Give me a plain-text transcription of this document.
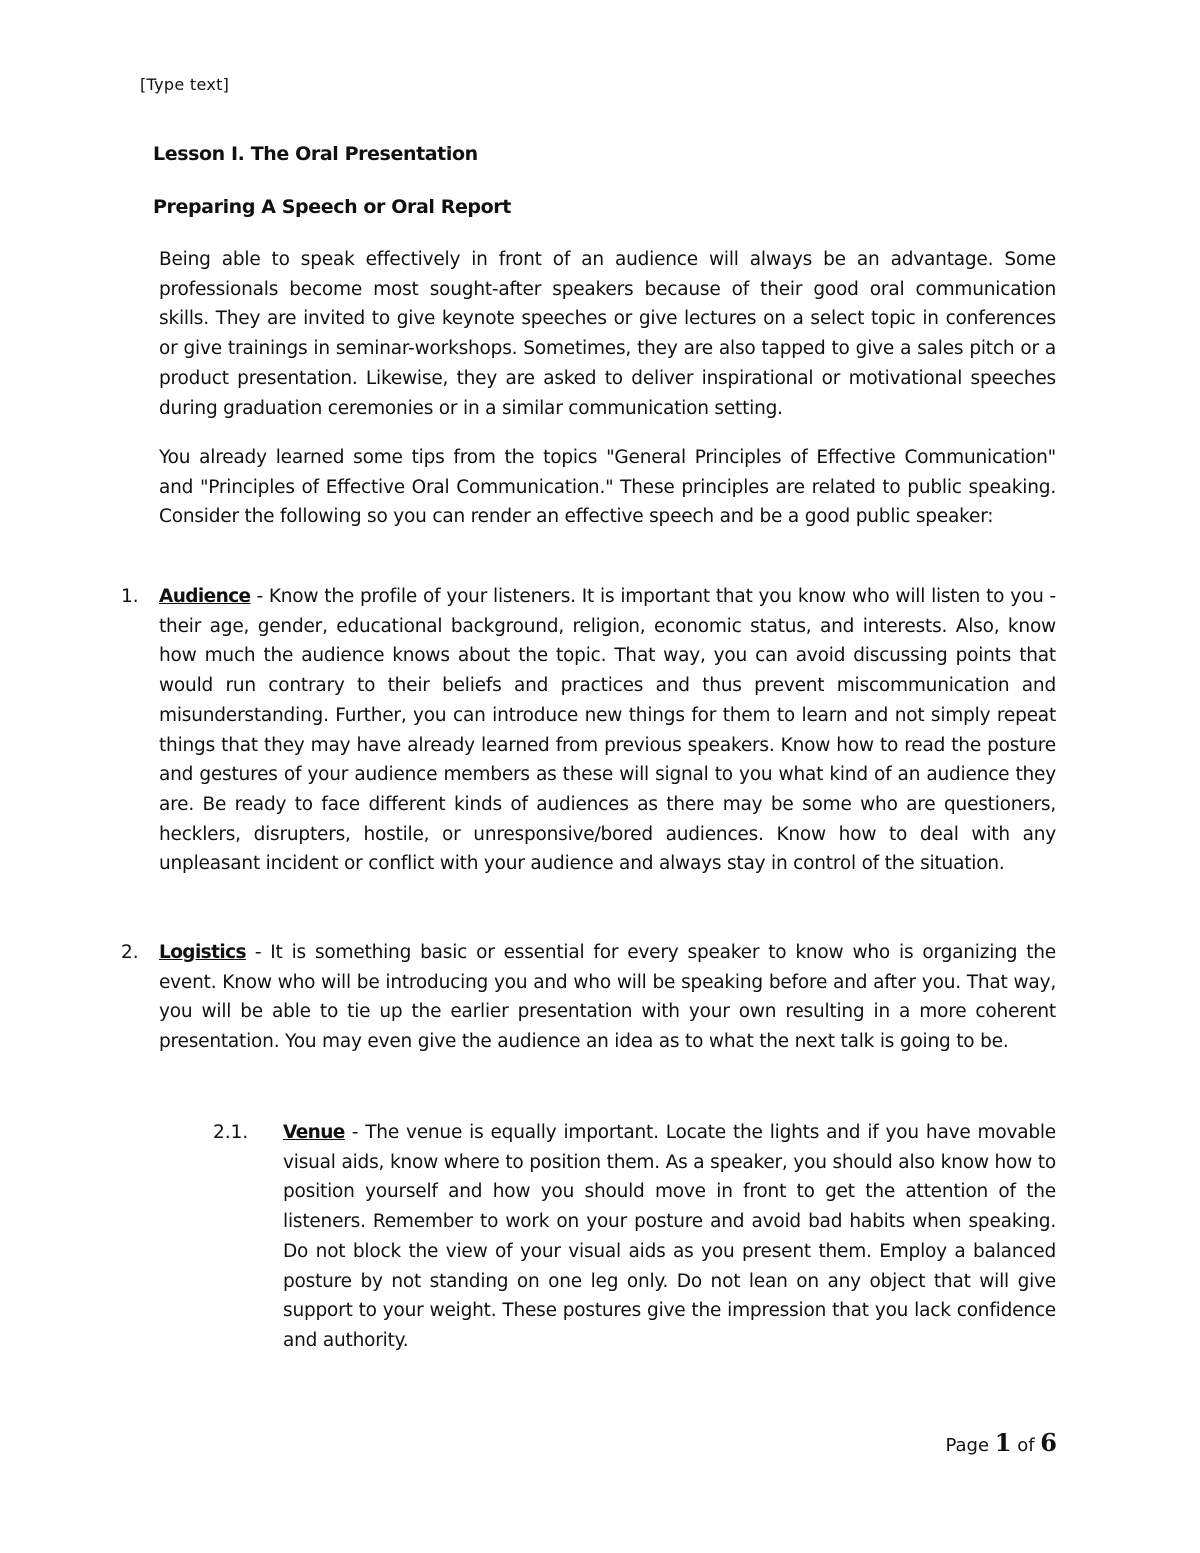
[Type text]
Lesson I. The Oral Presentation
Preparing A Speech or Oral Report

Being able to speak effectively in front of an audience will always be an advantage. Some professionals become most sought-after speakers because of their good oral communication skills. They are invited to give keynote speeches or give lectures on a select topic in conferences or give trainings in seminar-workshops. Sometimes, they are also tapped to give a sales pitch or a product presentation. Likewise, they are asked to deliver inspirational or motivational speeches during graduation ceremonies or in a similar communication setting.

You already learned some tips from the topics "General Principles of Effective Communication" and "Principles of Effective Oral Communication." These principles are related to public speaking. Consider the following so you can render an effective speech and be a good public speaker:

1. Audience - Know the profile of your listeners. It is important that you know who will listen to you - their age, gender, educational background, religion, economic status, and interests. Also, know how much the audience knows about the topic. That way, you can avoid discussing points that would run contrary to their beliefs and practices and thus prevent miscommunication and misunderstanding. Further, you can introduce new things for them to learn and not simply repeat things that they may have already learned from previous speakers. Know how to read the posture and gestures of your audience members as these will signal to you what kind of an audience they are. Be ready to face different kinds of audiences as there may be some who are questioners, hecklers, disrupters, hostile, or unresponsive/bored audiences. Know how to deal with any unpleasant incident or conflict with your audience and always stay in control of the situation.

2. Logistics - It is something basic or essential for every speaker to know who is organizing the event. Know who will be introducing you and who will be speaking before and after you. That way, you will be able to tie up the earlier presentation with your own resulting in a more coherent presentation. You may even give the audience an idea as to what the next talk is going to be.

2.1. Venue - The venue is equally important. Locate the lights and if you have movable visual aids, know where to position them. As a speaker, you should also know how to position yourself and how you should move in front to get the attention of the listeners. Remember to work on your posture and avoid bad habits when speaking. Do not block the view of your visual aids as you present them. Employ a balanced posture by not standing on one leg only. Do not lean on any object that will give support to your weight. These postures give the impression that you lack confidence and authority.

Page 1 of 6
